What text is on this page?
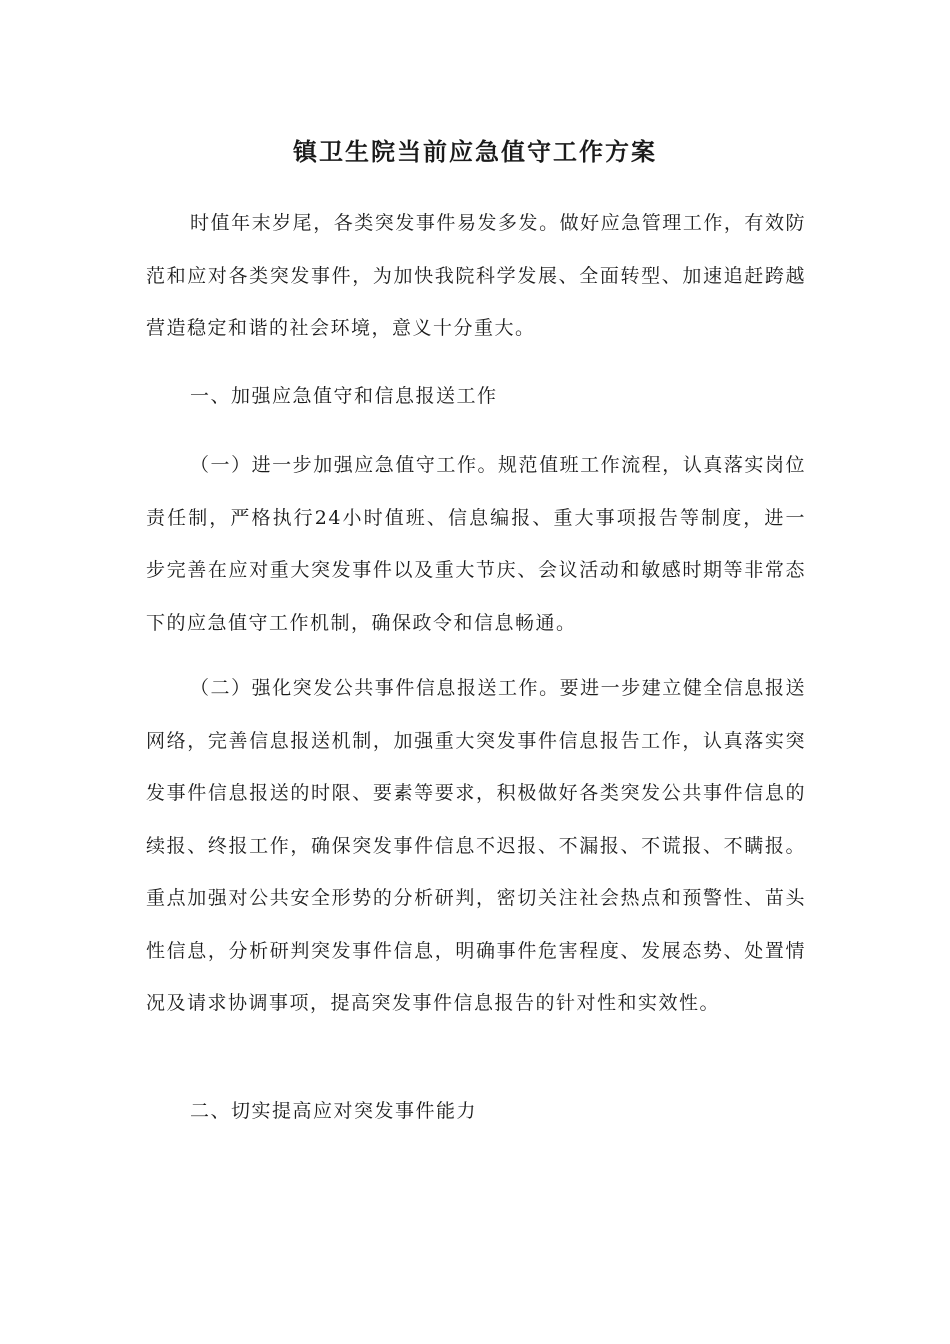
镇卫生院当前应急值守工作方案

时值年末岁尾，各类突发事件易发多发。做好应急管理工作，有效防范和应对各类突发事件，为加快我院科学发展、全面转型、加速追赶跨越营造稳定和谐的社会环境，意义十分重大。

一、加强应急值守和信息报送工作

（一）进一步加强应急值守工作。规范值班工作流程，认真落实岗位责任制，严格执行24小时值班、信息编报、重大事项报告等制度，进一步完善在应对重大突发事件以及重大节庆、会议活动和敏感时期等非常态下的应急值守工作机制，确保政令和信息畅通。

（二）强化突发公共事件信息报送工作。要进一步建立健全信息报送网络，完善信息报送机制，加强重大突发事件信息报告工作，认真落实突发事件信息报送的时限、要素等要求，积极做好各类突发公共事件信息的续报、终报工作，确保突发事件信息不迟报、不漏报、不谎报、不瞒报。重点加强对公共安全形势的分析研判，密切关注社会热点和预警性、苗头性信息，分析研判突发事件信息，明确事件危害程度、发展态势、处置情况及请求协调事项，提高突发事件信息报告的针对性和实效性。

二、切实提高应对突发事件能力
